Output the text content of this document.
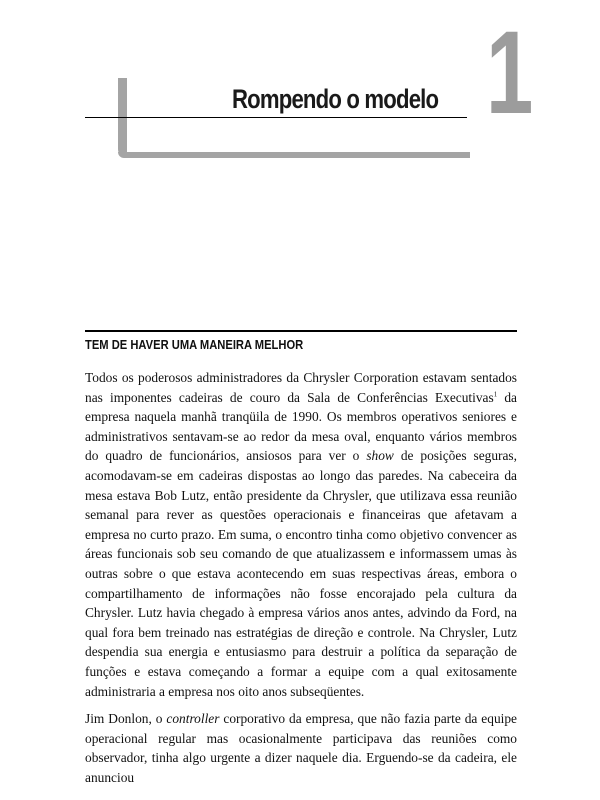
1
Rompendo o modelo
TEM DE HAVER UMA MANEIRA MELHOR

Todos os poderosos administradores da Chrysler Corporation estavam sentados nas imponentes cadeiras de couro da Sala de Conferências Executivas$^1$ da empresa naquela manhã tranqüila de 1990. Os membros operativos seniores e administrativos sentavam-se ao redor da mesa oval, enquanto vários membros do quadro de funcionários, ansiosos para ver o show de posições seguras, acomodavam-se em cadeiras dispostas ao longo das paredes. Na cabeceira da mesa estava Bob Lutz, então presidente da Chrysler, que utilizava essa reunião semanal para rever as questões operacionais e financeiras que afetavam a empresa no curto prazo. Em suma, o encontro tinha como objetivo convencer as áreas funcionais sob seu comando de que atualizassem e informassem umas às outras sobre o que estava acontecendo em suas respectivas áreas, embora o compartilhamento de informações não fosse encorajado pela cultura da Chrysler. Lutz havia chegado à empresa vários anos antes, advindo da Ford, na qual fora bem treinado nas estratégias de direção e controle. Na Chrysler, Lutz despendia sua energia e entusiasmo para destruir a política da separação de funções e estava começando a formar a equipe com a qual exitosamente administraria a empresa nos oito anos subseqüentes.

Jim Donlon, o controller corporativo da empresa, que não fazia parte da equipe operacional regular mas ocasionalmente participava das reuniões como observador, tinha algo urgente a dizer naquele dia. Erguendo-se da cadeira, ele anunciou
